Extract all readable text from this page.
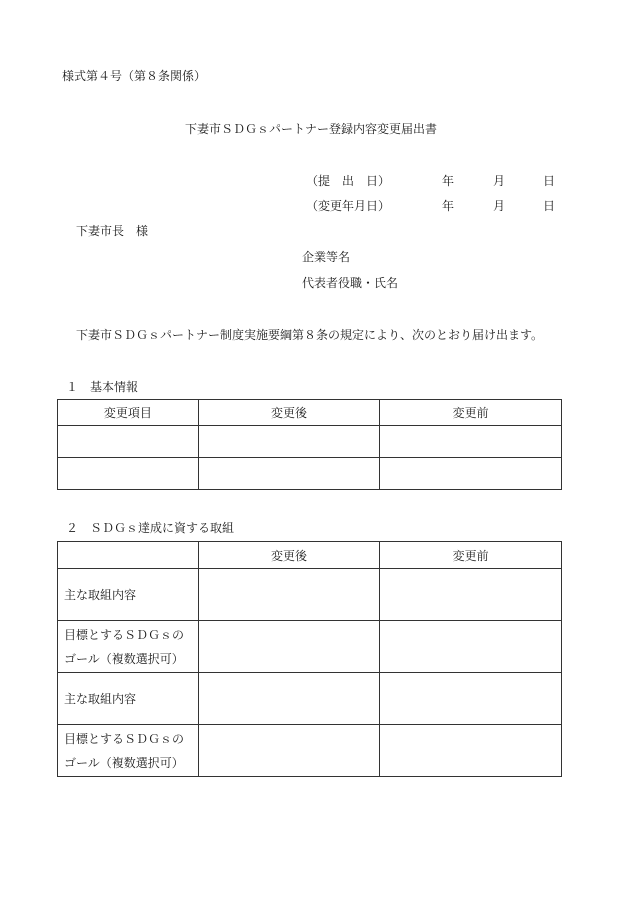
様式第４号（第８条関係）
下妻市ＳＤＧｓパートナー登録内容変更届出書
（提　出　日）	年	月	日
（変更年月日）	年	月	日
下妻市長　様
企業等名
代表者役職・氏名
下妻市ＳＤＧｓパートナー制度実施要綱第８条の規定により、次のとおり届け出ます。
１　基本情報
変更項目	変更後	変更前

２　ＳＤＧｓ達成に資する取組
	変更後	変更前
主な取組内容		
目標とするＳＤＧｓの
ゴール（複数選択可）		
主な取組内容		
目標とするＳＤＧｓの
ゴール（複数選択可）		
